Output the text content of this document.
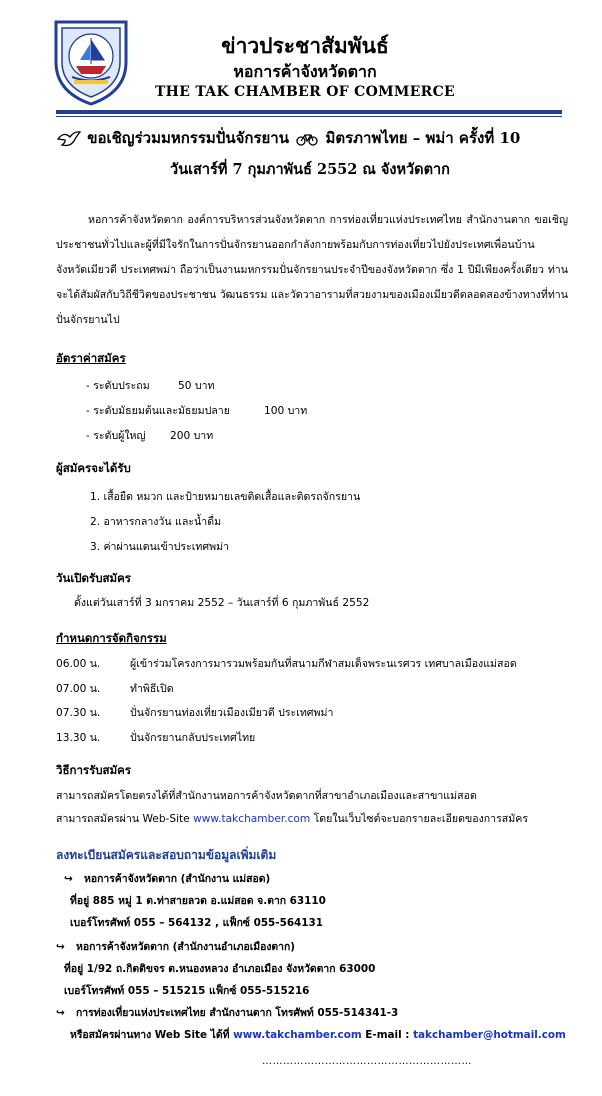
ข่าวประชาสัมพันธ์
หอการค้าจังหวัดตาก
THE TAK CHAMBER OF COMMERCE
ขอเชิญร่วมมหกรรมปั่นจักรยาน มิตรภาพไทย – พม่า ครั้งที่ 10
วันเสาร์ที่ 7 กุมภาพันธ์ 2552 ณ จังหวัดตาก
หอการค้าจังหวัดตาก องค์การบริหารส่วนจังหวัดตาก การท่องเที่ยวแห่งประเทศไทย สำนักงานตาก ขอเชิญประชาชนทั่วไปและผู้ที่มีใจรักในการปั่นจักรยานออกกำลังกายพร้อมกับการท่องเที่ยวไปยังประเทศเพื่อนบ้าน จังหวัดเมียวดี ประเทศพม่า ถือว่าเป็นงานมหกรรมปั่นจักรยานประจำปีของจังหวัดตาก ซึ่ง 1 ปีมีเพียงครั้งเดียว ท่านจะได้สัมผัสกับวิถีชีวิตของประชาชน วัฒนธรรม และวัดวาอารามที่สวยงามของเมืองเมียวดีตลอดสองข้างทางที่ท่านปั่นจักรยานไป
อัตราค่าสมัคร
- ระดับประถม	50 บาท
- ระดับมัธยมต้นและมัธยมปลาย	100 บาท
- ระดับผู้ใหญ่ 200 บาท
ผู้สมัครจะได้รับ
1. เสื้อยืด หมวก และป้ายหมายเลขติดเสื้อและติดรถจักรยาน
2. อาหารกลางวัน และน้ำดื่ม
3. ค่าผ่านแดนเข้าประเทศพม่า
วันเปิดรับสมัคร
ตั้งแต่วันเสาร์ที่ 3 มกราคม 2552 – วันเสาร์ที่ 6 กุมภาพันธ์ 2552
กำหนดการจัดกิจกรรม
06.00 น.	ผู้เข้าร่วมโครงการมารวมพร้อมกันที่สนามกีฬาสมเด็จพระนเรศวร เทศบาลเมืองแม่สอด
07.00 น.	ทำพิธีเปิด
07.30 น.	ปั่นจักรยานท่องเที่ยวเมืองเมียวดี ประเทศพม่า
13.30 น.	ปั่นจักรยานกลับประเทศไทย
วิธีการรับสมัคร
สามารถสมัครโดยตรงได้ที่สำนักงานหอการค้าจังหวัดตากที่สาขาอำเภอเมืองและสาขาแม่สอด
สามารถสมัครผ่าน Web-Site www.takchamber.com โดยในเว็บไซต์จะบอกรายละเอียดของการสมัคร
ลงทะเบียนสมัครและสอบถามข้อมูลเพิ่มเติม
↪ หอการค้าจังหวัดตาก (สำนักงาน แม่สอด)
ที่อยู่ 885 หมู่ 1 ต.ท่าสายลวด อ.แม่สอด จ.ตาก 63110
เบอร์โทรศัพท์ 055 – 564132 , แฟ็กซ์ 055-564131
↪ หอการค้าจังหวัดตาก (สำนักงานอำเภอเมืองตาก)
ที่อยู่ 1/92 ถ.กิตติขจร ต.หนองหลวง อำเภอเมือง จังหวัดตาก 63000
เบอร์โทรศัพท์ 055 – 515215 แฟ็กซ์ 055-515216
↪ การท่องเที่ยวแห่งประเทศไทย สำนักงานตาก โทรศัพท์ 055-514341-3
หรือสมัครผ่านทาง Web Site ได้ที่ www.takchamber.com E-mail : takchamber@hotmail.com
……………………………………………………
